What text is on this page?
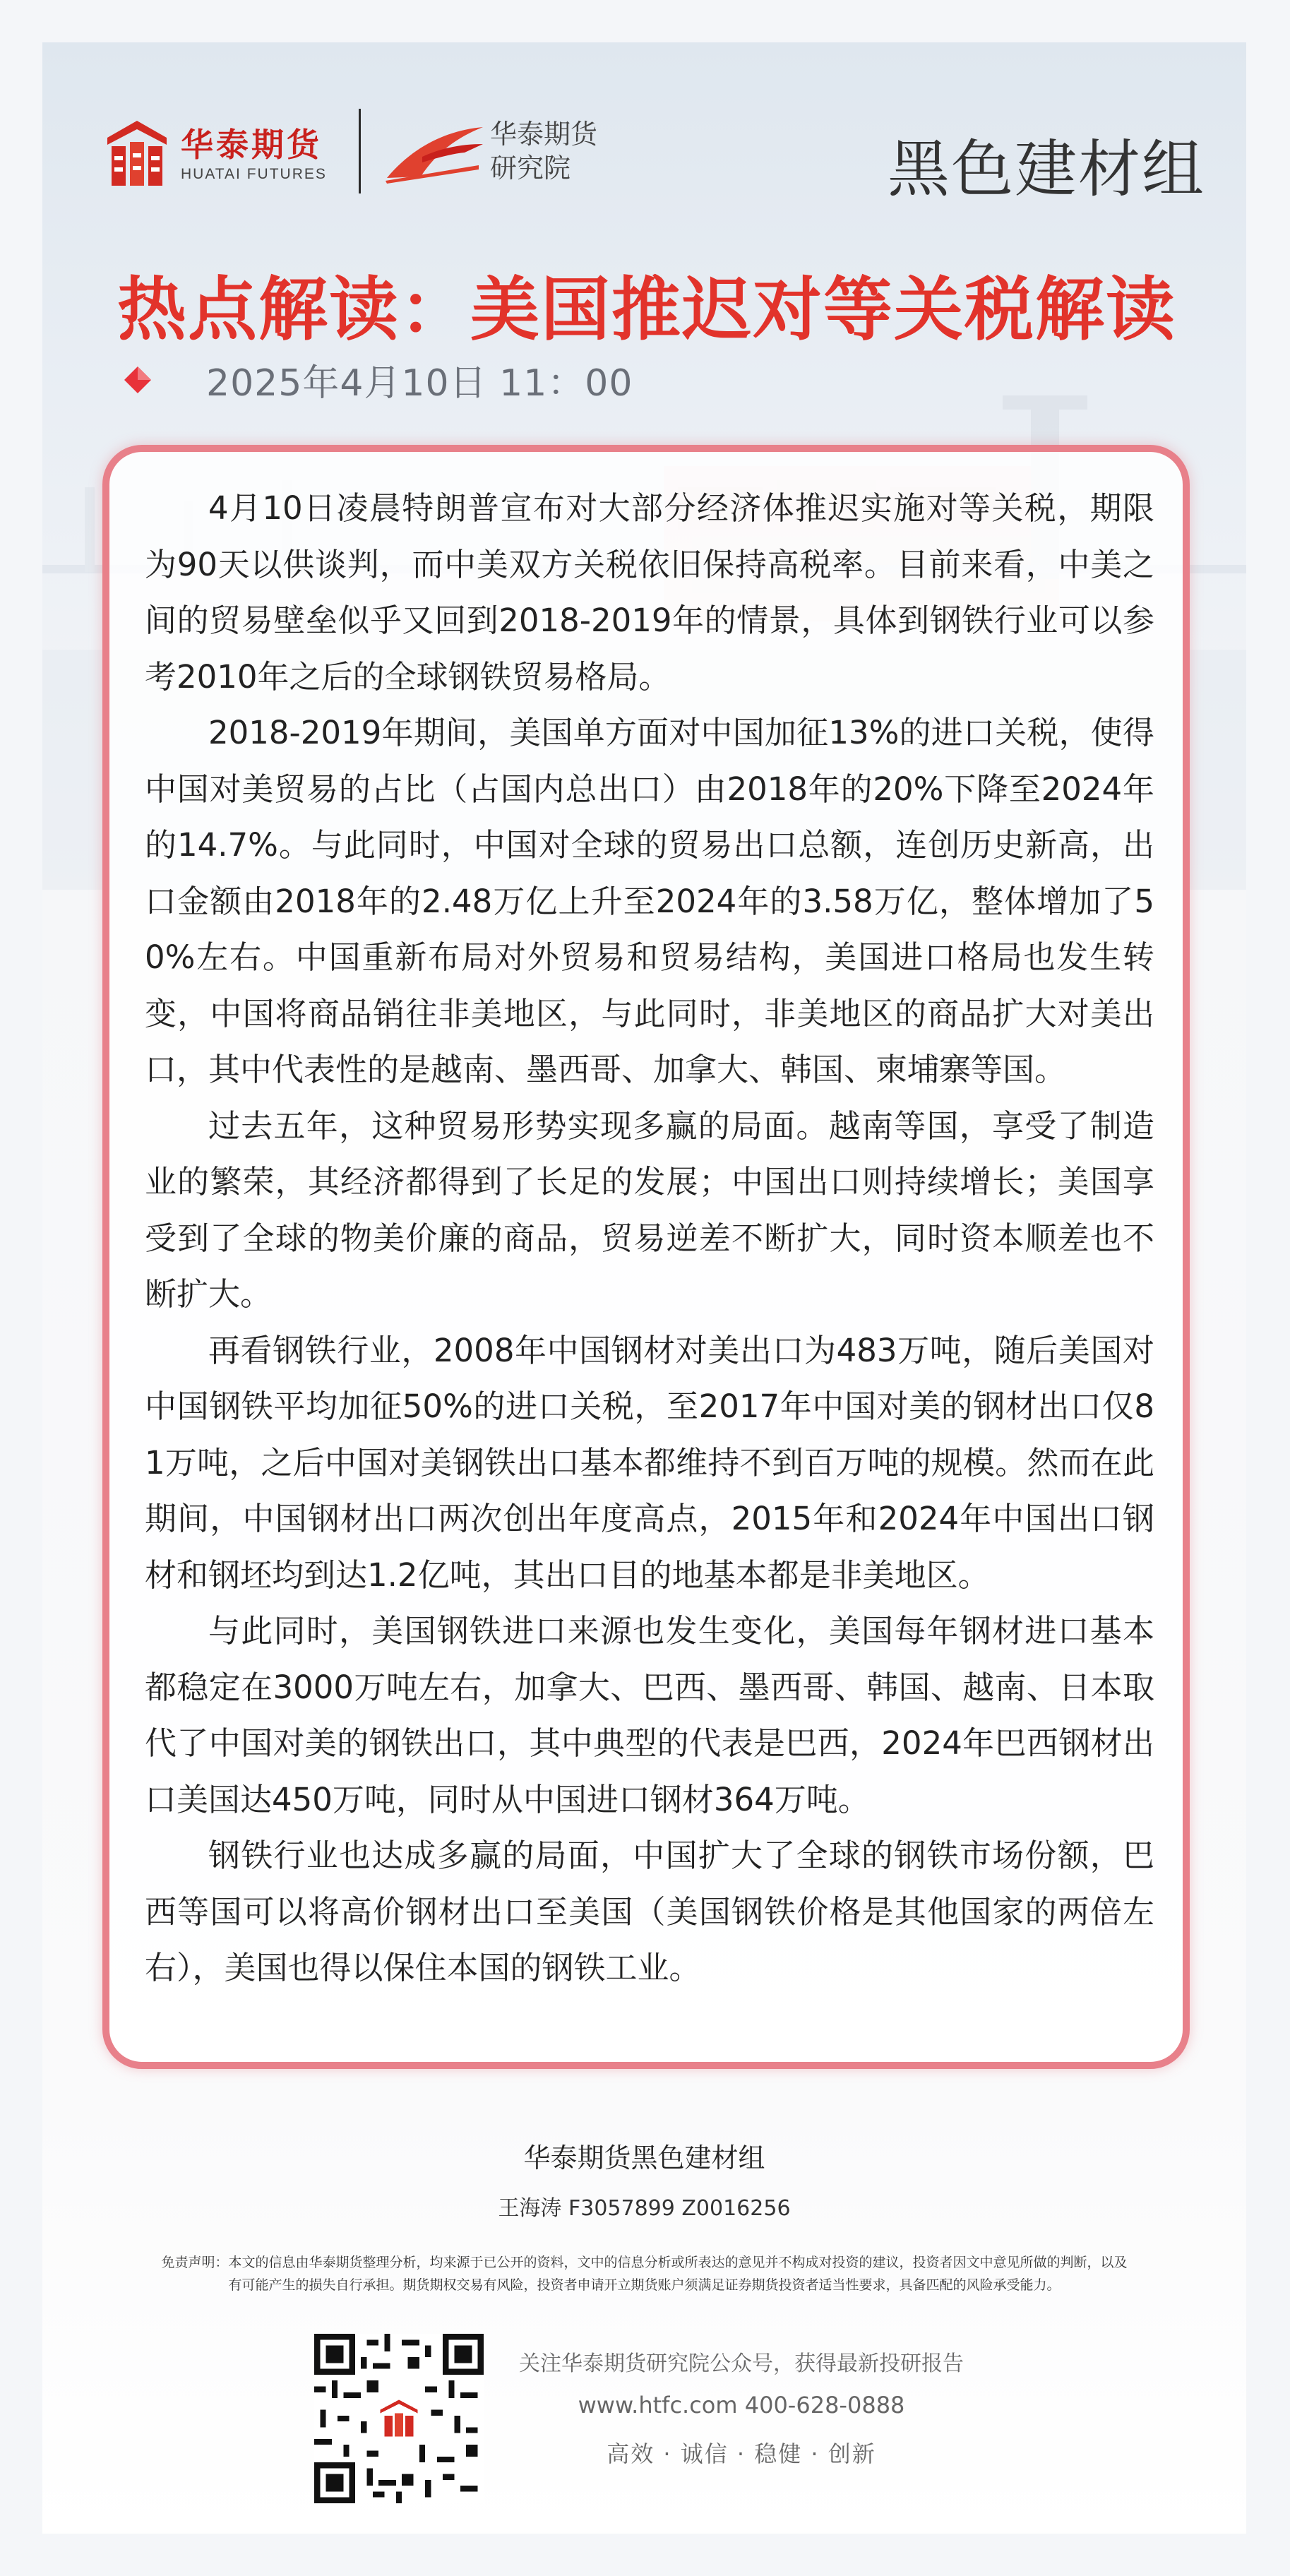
华泰期货
HUATAI FUTURES
华泰期货
研究院	黑色建材组
热点解读：美国推迟对等关税解读
2025年4月10日 11：00

4月10日凌晨特朗普宣布对大部分经济体推迟实施对等关税，期限为90天以供谈判，而中美双方关税依旧保持高税率。目前来看，中美之间的贸易壁垒似乎又回到2018-2019年的情景，具体到钢铁行业可以参考2010年之后的全球钢铁贸易格局。

2018-2019年期间，美国单方面对中国加征13%的进口关税，使得中国对美贸易的占比（占国内总出口）由2018年的20%下降至2024年的14.7%。与此同时，中国对全球的贸易出口总额，连创历史新高，出口金额由2018年的2.48万亿上升至2024年的3.58万亿，整体增加了50%左右。中国重新布局对外贸易和贸易结构，美国进口格局也发生转变，中国将商品销往非美地区，与此同时，非美地区的商品扩大对美出口，其中代表性的是越南、墨西哥、加拿大、韩国、柬埔寨等国。

过去五年，这种贸易形势实现多赢的局面。越南等国，享受了制造业的繁荣，其经济都得到了长足的发展；中国出口则持续增长；美国享受到了全球的物美价廉的商品，贸易逆差不断扩大，同时资本顺差也不断扩大。

再看钢铁行业，2008年中国钢材对美出口为483万吨，随后美国对中国钢铁平均加征50%的进口关税，至2017年中国对美的钢材出口仅81万吨，之后中国对美钢铁出口基本都维持不到百万吨的规模。然而在此期间，中国钢材出口两次创出年度高点，2015年和2024年中国出口钢材和钢坯均到达1.2亿吨，其出口目的地基本都是非美地区。

与此同时，美国钢铁进口来源也发生变化，美国每年钢材进口基本都稳定在3000万吨左右，加拿大、巴西、墨西哥、韩国、越南、日本取代了中国对美的钢铁出口，其中典型的代表是巴西，2024年巴西钢材出口美国达450万吨，同时从中国进口钢材364万吨。

钢铁行业也达成多赢的局面，中国扩大了全球的钢铁市场份额，巴西等国可以将高价钢材出口至美国（美国钢铁价格是其他国家的两倍左右），美国也得以保住本国的钢铁工业。

华泰期货黑色建材组
王海涛 F3057899 Z0016256
免责声明：本文的信息由华泰期货整理分析，均来源于已公开的资料，文中的信息分析或所表达的意见并不构成对投资的建议，投资者因文中意见所做的判断，以及
有可能产生的损失自行承担。期货期权交易有风险，投资者申请开立期货账户须满足证券期货投资者适当性要求，具备匹配的风险承受能力。
关注华泰期货研究院公众号，获得最新投研报告
www.htfc.com 400-628-0888
高效 · 诚信 · 稳健 · 创新
